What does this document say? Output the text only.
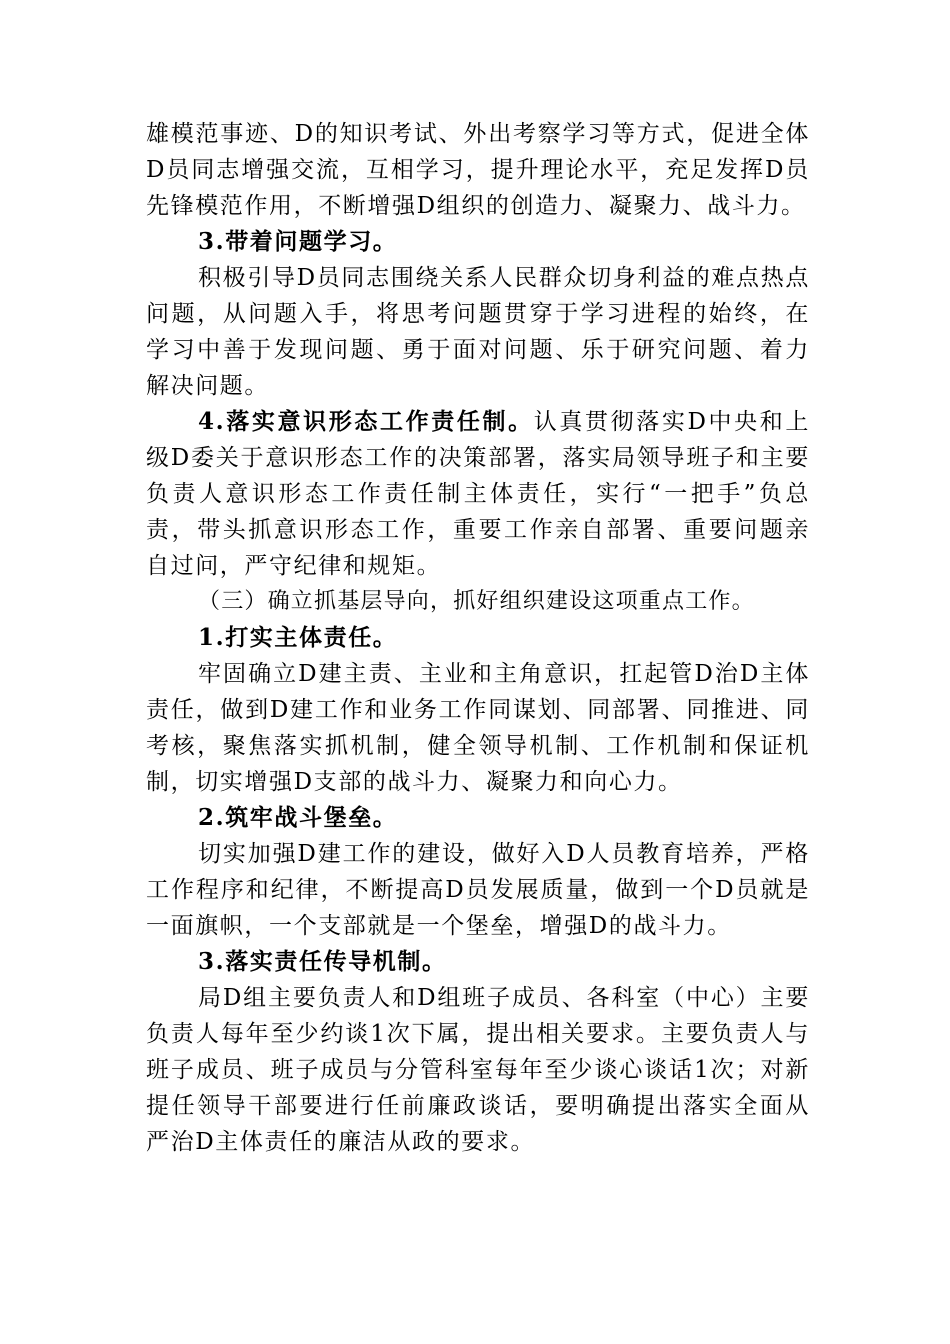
雄模范事迹、D的知识考试、外出考察学习等方式，促进全体D员同志增强交流，互相学习，提升理论水平，充足发挥D员先锋模范作用，不断增强D组织的创造力、凝聚力、战斗力。

3.带着问题学习。

积极引导D员同志围绕关系人民群众切身利益的难点热点问题，从问题入手，将思考问题贯穿于学习进程的始终，在学习中善于发现问题、勇于面对问题、乐于研究问题、着力解决问题。

4.落实意识形态工作责任制。认真贯彻落实D中央和上级D委关于意识形态工作的决策部署，落实局领导班子和主要负责人意识形态工作责任制主体责任，实行“一把手”负总责，带头抓意识形态工作，重要工作亲自部署、重要问题亲自过问，严守纪律和规矩。

（三）确立抓基层导向，抓好组织建设这项重点工作。

1.打实主体责任。

牢固确立D建主责、主业和主角意识，扛起管D治D主体责任，做到D建工作和业务工作同谋划、同部署、同推进、同考核，聚焦落实抓机制，健全领导机制、工作机制和保证机制，切实增强D支部的战斗力、凝聚力和向心力。

2.筑牢战斗堡垒。

切实加强D建工作的建设，做好入D人员教育培养，严格工作程序和纪律，不断提高D员发展质量，做到一个D员就是一面旗帜，一个支部就是一个堡垒，增强D的战斗力。

3.落实责任传导机制。

局D组主要负责人和D组班子成员、各科室（中心）主要负责人每年至少约谈1次下属，提出相关要求。主要负责人与班子成员、班子成员与分管科室每年至少谈心谈话1次；对新提任领导干部要进行任前廉政谈话，要明确提出落实全面从严治D主体责任的廉洁从政的要求。
